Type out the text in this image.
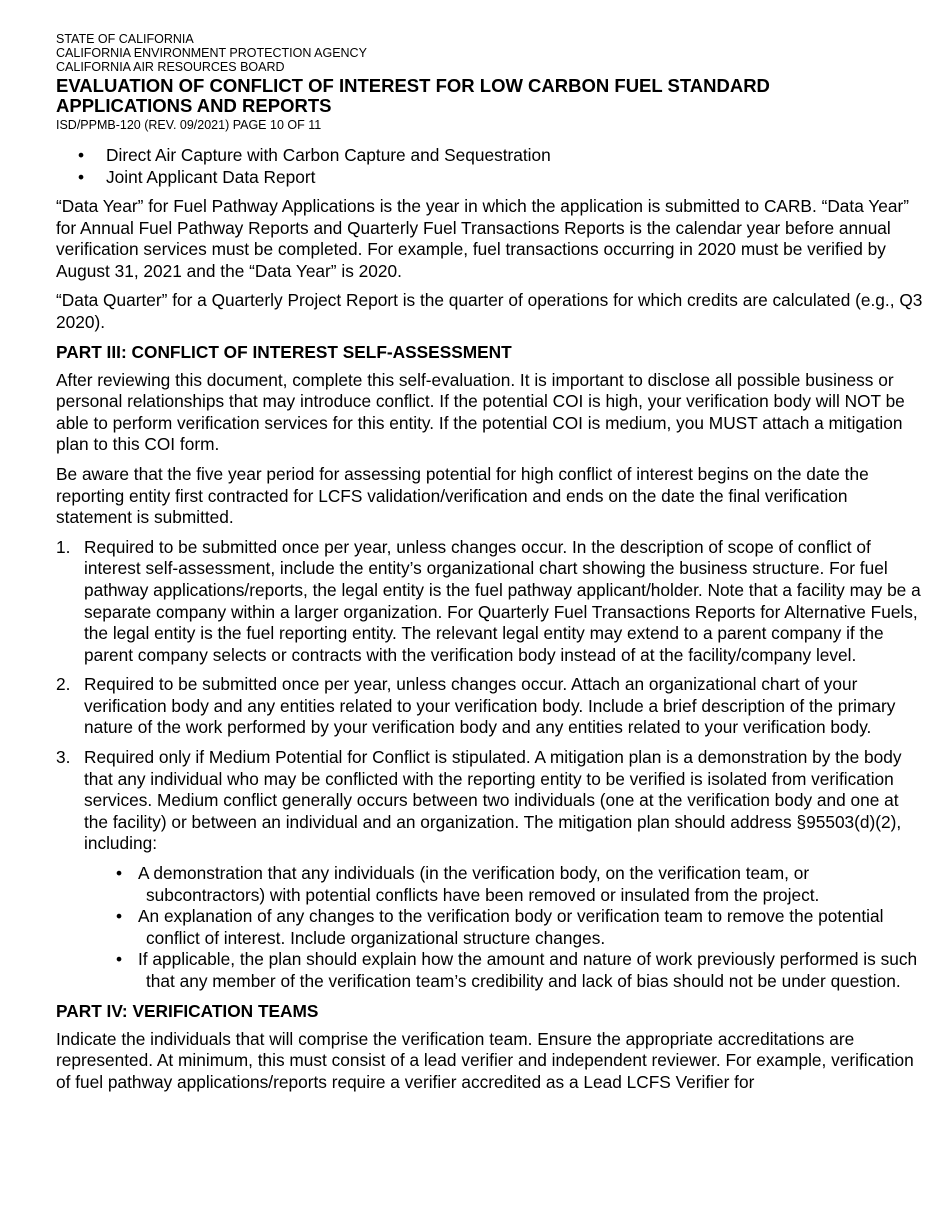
STATE OF CALIFORNIA

CALIFORNIA ENVIRONMENT PROTECTION AGENCY

CALIFORNIA AIR RESOURCES BOARD

EVALUATION OF CONFLICT OF INTEREST FOR LOW CARBON FUEL STANDARD
APPLICATIONS AND REPORTS

ISD/PPMB-120 (REV. 09/2021) PAGE 10 OF 11

• Direct Air Capture with Carbon Capture and Sequestration
• Joint Applicant Data Report

“Data Year” for Fuel Pathway Applications is the year in which the application is submitted to CARB. “Data Year” for Annual Fuel Pathway Reports and Quarterly Fuel Transactions Reports is the calendar year before annual verification services must be completed. For example, fuel transactions occurring in 2020 must be verified by August 31, 2021 and the “Data Year” is 2020.

“Data Quarter” for a Quarterly Project Report is the quarter of operations for which credits are calculated (e.g., Q3 2020).

PART III: CONFLICT OF INTEREST SELF-ASSESSMENT

After reviewing this document, complete this self-evaluation. It is important to disclose all possible business or personal relationships that may introduce conflict. If the potential COI is high, your verification body will NOT be able to perform verification services for this entity. If the potential COI is medium, you MUST attach a mitigation plan to this COI form.

Be aware that the five year period for assessing potential for high conflict of interest begins on the date the reporting entity first contracted for LCFS validation/verification and ends on the date the final verification statement is submitted.

1. Required to be submitted once per year, unless changes occur. In the description of scope of conflict of interest self-assessment, include the entity’s organizational chart showing the business structure. For fuel pathway applications/reports, the legal entity is the fuel pathway applicant/holder. Note that a facility may be a separate company within a larger organization. For Quarterly Fuel Transactions Reports for Alternative Fuels, the legal entity is the fuel reporting entity. The relevant legal entity may extend to a parent company if the parent company selects or contracts with the verification body instead of at the facility/company level.
2. Required to be submitted once per year, unless changes occur. Attach an organizational chart of your verification body and any entities related to your verification body. Include a brief description of the primary nature of the work performed by your verification body and any entities related to your verification body.
3. Required only if Medium Potential for Conflict is stipulated. A mitigation plan is a demonstration by the body that any individual who may be conflicted with the reporting entity to be verified is isolated from verification services. Medium conflict generally occurs between two individuals (one at the verification body and one at the facility) or between an individual and an organization. The mitigation plan should address §95503(d)(2), including:
• A demonstration that any individuals (in the verification body, on the verification team, or subcontractors) with potential conflicts have been removed or insulated from the project.
• An explanation of any changes to the verification body or verification team to remove the potential conflict of interest. Include organizational structure changes.
• If applicable, the plan should explain how the amount and nature of work previously performed is such that any member of the verification team’s credibility and lack of bias should not be under question.
PART IV: VERIFICATION TEAMS

Indicate the individuals that will comprise the verification team. Ensure the appropriate accreditations are represented. At minimum, this must consist of a lead verifier and independent reviewer. For example, verification of fuel pathway applications/reports require a verifier accredited as a Lead LCFS Verifier for
